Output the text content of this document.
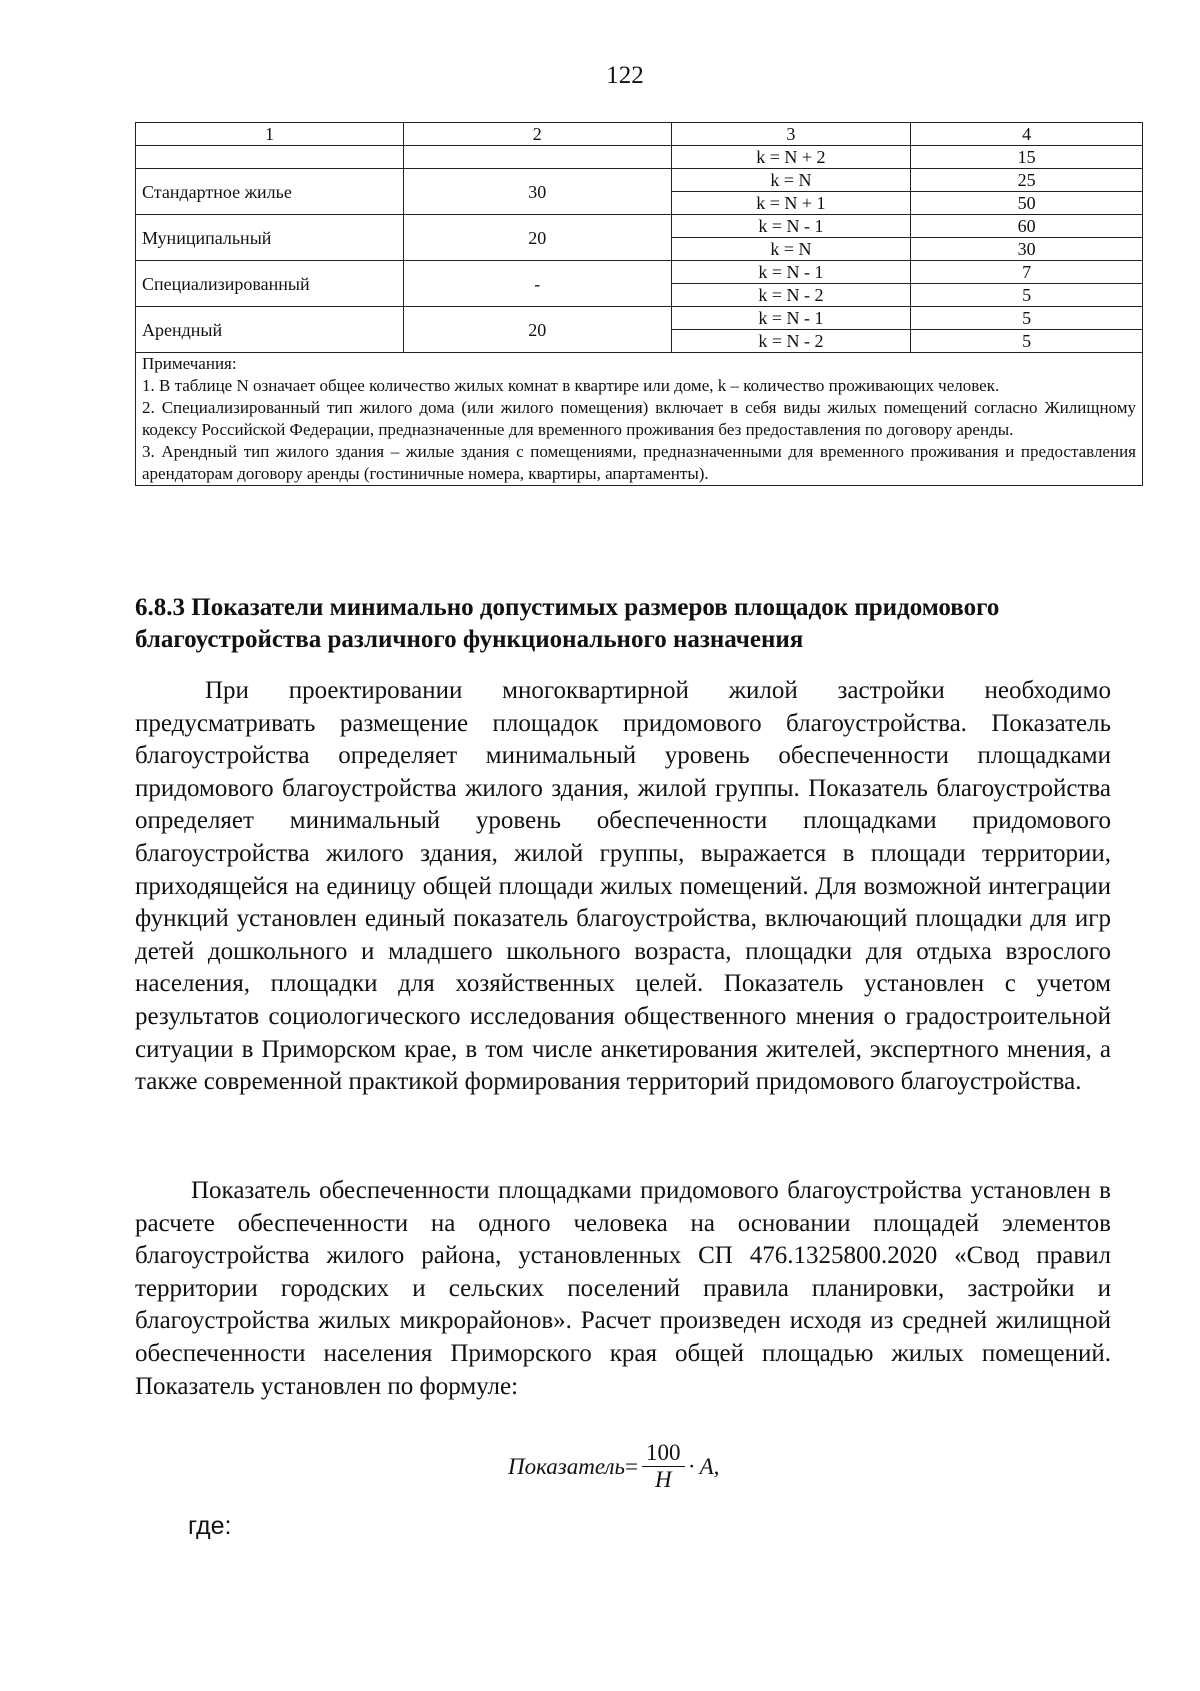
122
1	2	3	4
		k = N + 2	15
Стандартное жилье	30	k = N	25
		k = N + 1	50
Муниципальный	20	k = N - 1	60
		k = N	30
Специализированный	-	k = N - 1	7
		k = N - 2	5
Арендный	20	k = N - 1	5
		k = N - 2	5

Примечания:
1. В таблице N означает общее количество жилых комнат в квартире или доме, k – количество проживающих человек.
2. Специализированный тип жилого дома (или жилого помещения) включает в себя виды жилых помещений согласно Жилищному кодексу Российской Федерации, предназначенные для временного проживания без предоставления по договору аренды.
3. Арендный тип жилого здания – жилые здания с помещениями, предназначенными для временного проживания и предоставления арендаторам договору аренды (гостиничные номера, квартиры, апартаменты).			
6.8.3 Показатели минимально допустимых размеров площадок придомового благоустройства различного функционального назначения

При проектировании многоквартирной жилой застройки необходимо предусматривать размещение площадок придомового благоустройства. Показатель благоустройства определяет минимальный уровень обеспеченности площадками придомового благоустройства жилого здания, жилой группы. Показатель благоустройства определяет минимальный уровень обеспеченности площадками придомового благоустройства жилого здания, жилой группы, выражается в площади территории, приходящейся на единицу общей площади жилых помещений. Для возможной интеграции функций установлен единый показатель благоустройства, включающий площадки для игр детей дошкольного и младшего школьного возраста, площадки для отдыха взрослого населения, площадки для хозяйственных целей. Показатель установлен с учетом результатов социологического исследования общественного мнения о градостроительной ситуации в Приморском крае, в том числе анкетирования жителей, экспертного мнения, а также современной практикой формирования территорий придомового благоустройства.

Показатель обеспеченности площадками придомового благоустройства установлен в расчете обеспеченности на одного человека на основании площадей элементов благоустройства жилого района, установленных СП 476.1325800.2020 «Свод правил территории городских и сельских поселений правила планировки, застройки и благоустройства жилых микрорайонов». Расчет произведен исходя из средней жилищной обеспеченности населения Приморского края общей площадью жилых помещений. Показатель установлен по формуле:

Показатель = $\frac{100}{Н} \cdot A$,
где:
